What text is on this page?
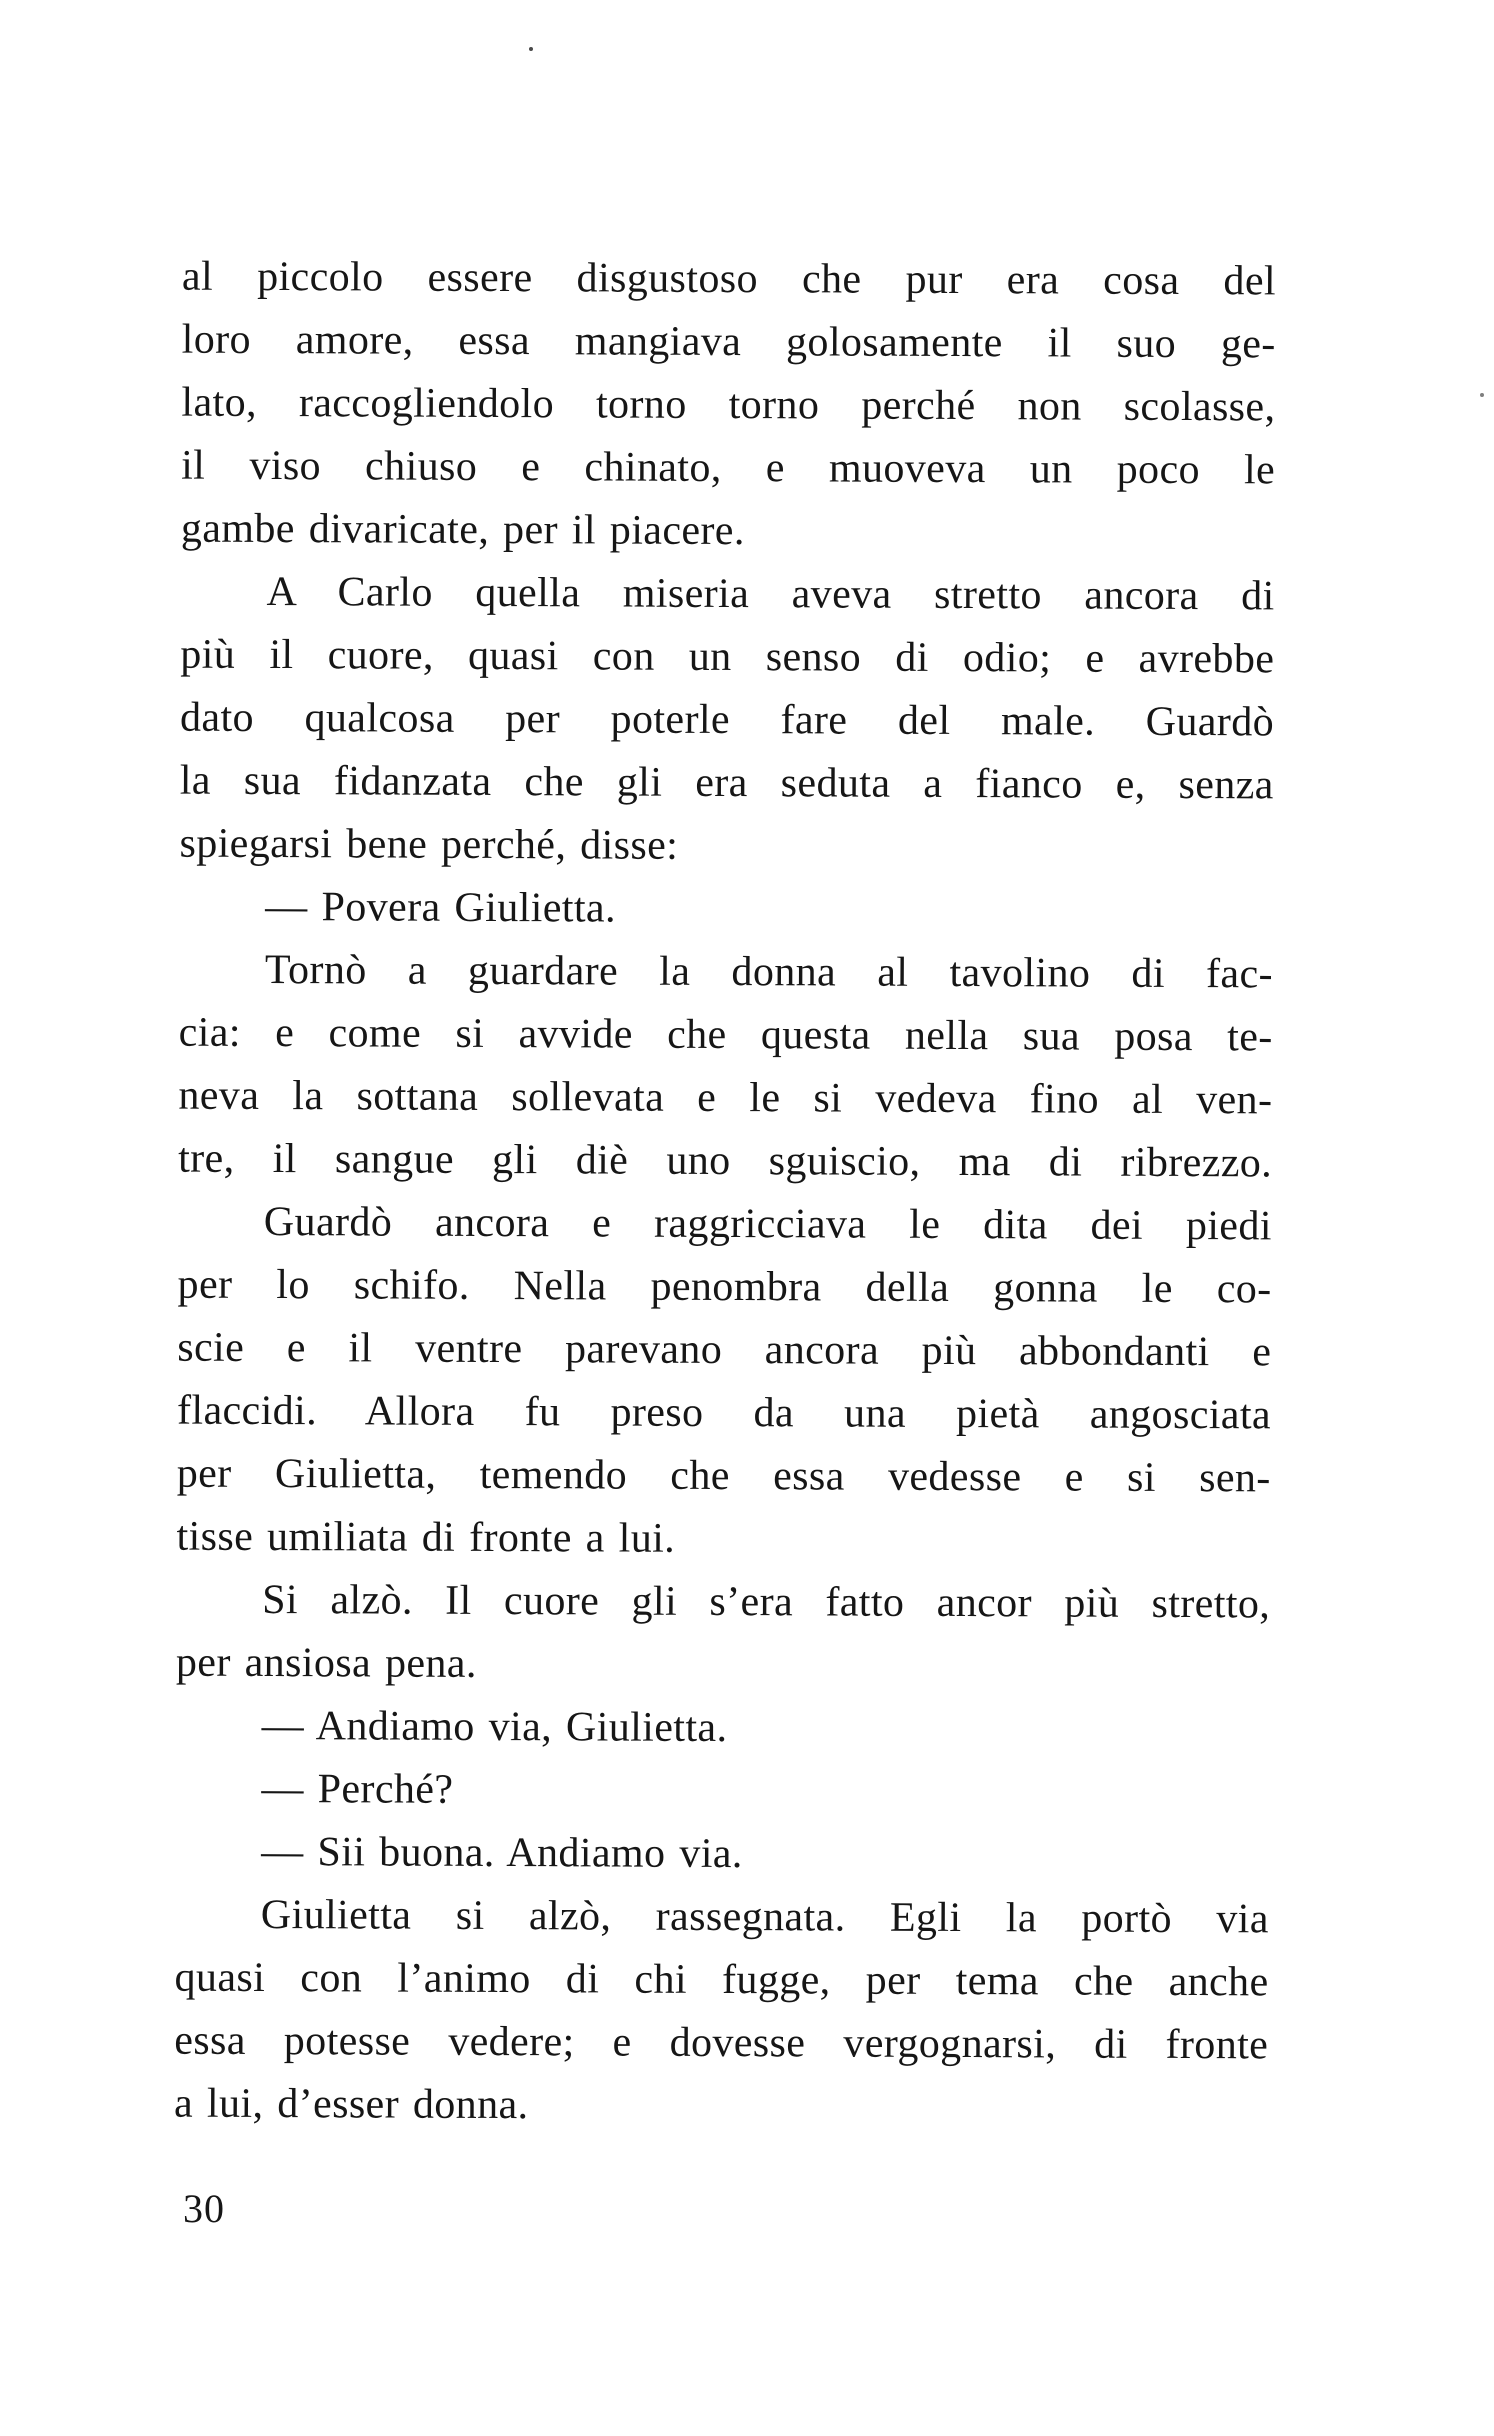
al piccolo essere disgustoso che pur era cosa del
loro amore, essa mangiava golosamente il suo ge-
lato, raccogliendolo torno torno perché non scolasse,
il viso chiuso e chinato, e muoveva un poco le
gambe divaricate, per il piacere.
A Carlo quella miseria aveva stretto ancora di
più il cuore, quasi con un senso di odio; e avrebbe
dato qualcosa per poterle fare del male. Guardò
la sua fidanzata che gli era seduta a fianco e, senza
spiegarsi bene perché, disse:
— Povera Giulietta.
Tornò a guardare la donna al tavolino di fac-
cia: e come si avvide che questa nella sua posa te-
neva la sottana sollevata e le si vedeva fino al ven-
tre, il sangue gli diè uno sguiscio, ma di ribrezzo.
Guardò ancora e raggricciava le dita dei piedi
per lo schifo. Nella penombra della gonna le co-
scie e il ventre parevano ancora più abbondanti e
flaccidi. Allora fu preso da una pietà angosciata
per Giulietta, temendo che essa vedesse e si sen-
tisse umiliata di fronte a lui.
Si alzò. Il cuore gli s’era fatto ancor più stretto,
per ansiosa pena.
— Andiamo via, Giulietta.
— Perché?
— Sii buona. Andiamo via.
Giulietta si alzò, rassegnata. Egli la portò via
quasi con l’animo di chi fugge, per tema che anche
essa potesse vedere; e dovesse vergognarsi, di fronte
a lui, d’esser donna.
30
